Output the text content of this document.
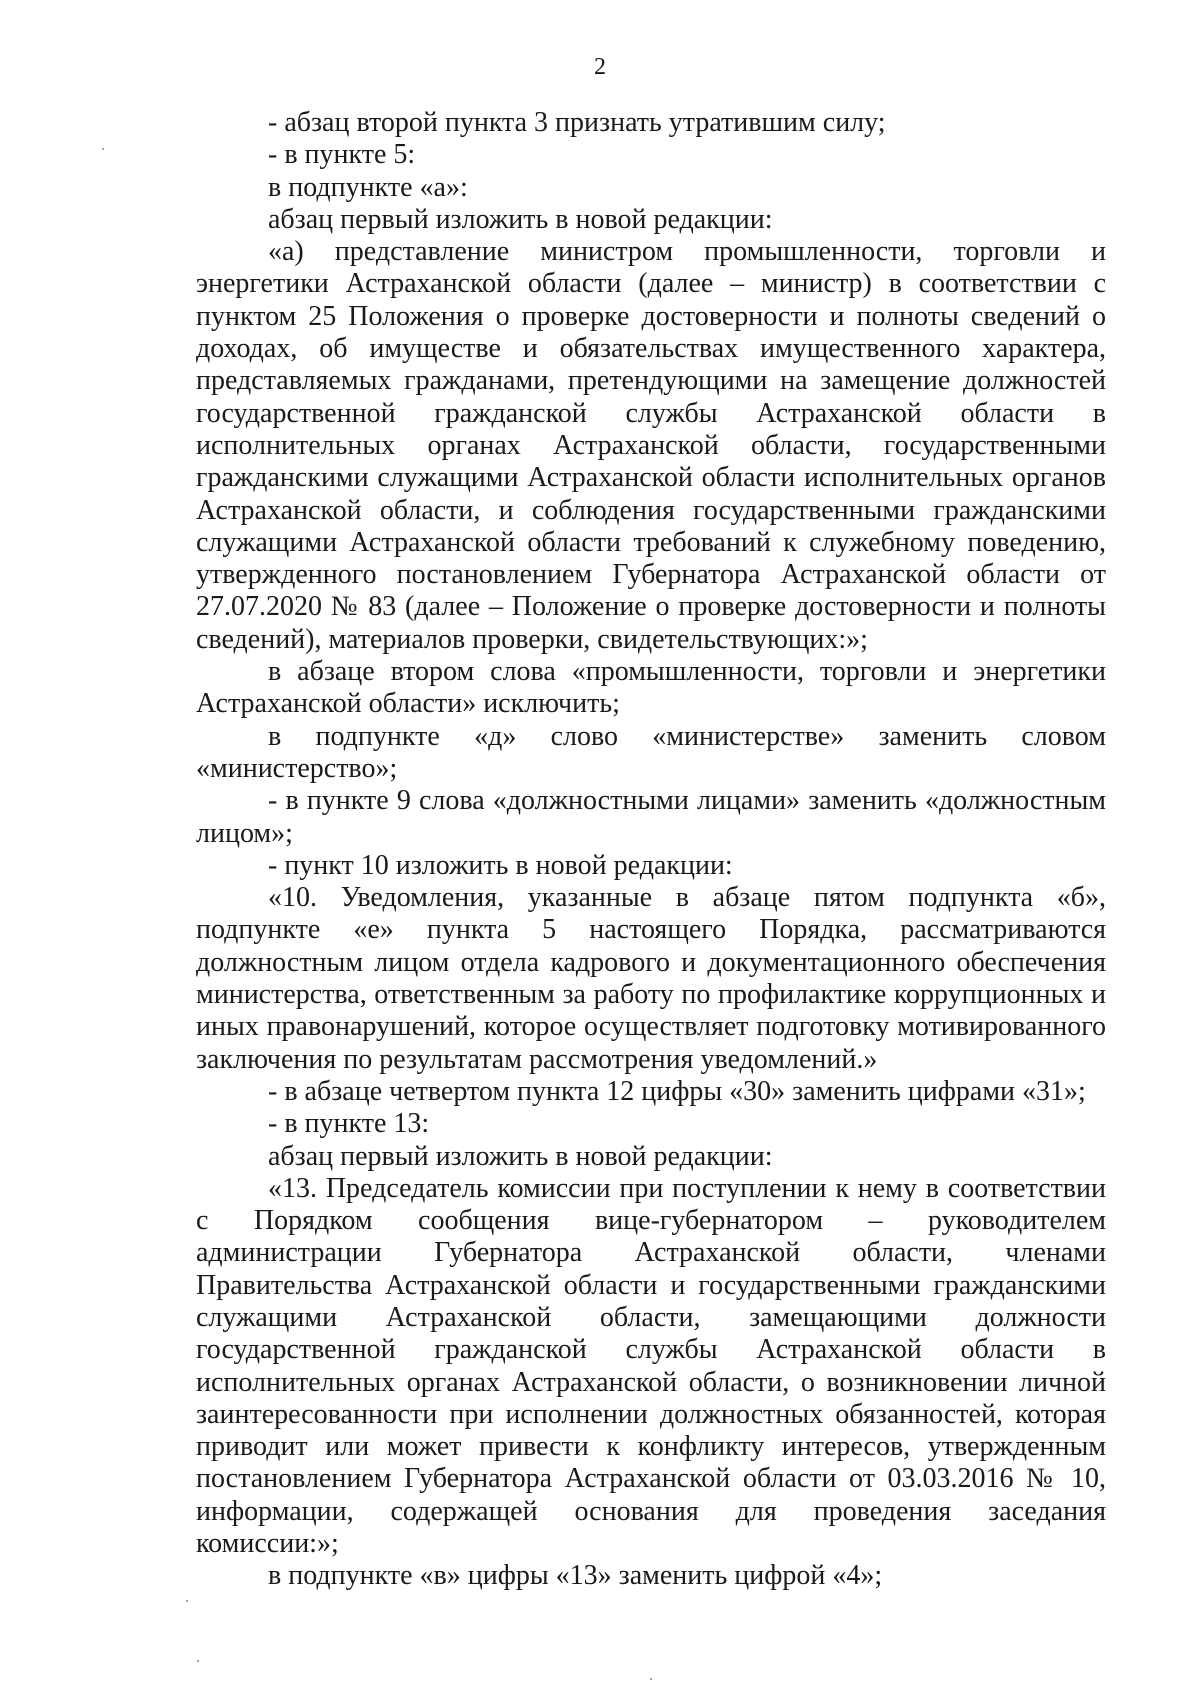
2

- абзац второй пункта 3 признать утратившим силу;

- в пункте 5:

в подпункте «а»:

абзац первый изложить в новой редакции:

«а) представление министром промышленности, торговли и энергетики Астраханской области (далее – министр) в соответствии с пунктом 25 Положения о проверке достоверности и полноты сведений о доходах, об имуществе и обязательствах имущественного характера, представляемых гражданами, претендующими на замещение должностей государственной гражданской службы Астраханской области в исполнительных органах Астраханской области, государственными гражданскими служащими Астраханской области исполнительных органов Астраханской области, и соблюдения государственными гражданскими служащими Астраханской области требований к служебному поведению, утвержденного постановлением Губернатора Астраханской области от 27.07.2020 № 83 (далее – Положение о проверке достоверности и полноты сведений), материалов проверки, свидетельствующих:»;

в абзаце втором слова «промышленности, торговли и энергетики Астраханской области» исключить;

в подпункте «д» слово «министерстве» заменить словом «министерство»;

- в пункте 9 слова «должностными лицами» заменить «должностным лицом»;

- пункт 10 изложить в новой редакции:

«10. Уведомления, указанные в абзаце пятом подпункта «б», подпункте «е» пункта 5 настоящего Порядка, рассматриваются должностным лицом отдела кадрового и документационного обеспечения министерства, ответственным за работу по профилактике коррупционных и иных правонарушений, которое осуществляет подготовку мотивированного заключения по результатам рассмотрения уведомлений.»

- в абзаце четвертом пункта 12 цифры «30» заменить цифрами «31»;

- в пункте 13:

абзац первый изложить в новой редакции:

«13. Председатель комиссии при поступлении к нему в соответствии с Порядком сообщения вице-губернатором – руководителем администрации Губернатора Астраханской области, членами Правительства Астраханской области и государственными гражданскими служащими Астраханской области, замещающими должности государственной гражданской службы Астраханской области в исполнительных органах Астраханской области, о возникновении личной заинтересованности при исполнении должностных обязанностей, которая приводит или может привести к конфликту интересов, утвержденным постановлением Губернатора Астраханской области от 03.03.2016 № 10, информации, содержащей основания для проведения заседания комиссии:»;

в подпункте «в» цифры «13» заменить цифрой «4»;
